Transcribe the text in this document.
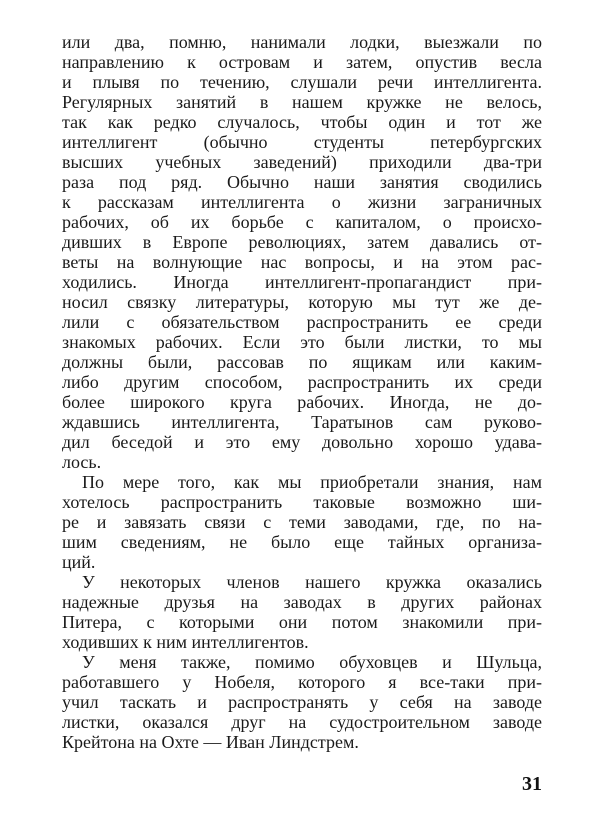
или два, помню, нанимали лодки, выезжали по
направлению к островам и затем, опустив весла
и плывя по течению, слушали речи интеллигента.
Регулярных занятий в нашем кружке не велось,
так как редко случалось, чтобы один и тот же
интеллигент (обычно студенты петербургских
высших учебных заведений) приходили два-три
раза под ряд. Обычно наши занятия сводились
к рассказам интеллигента о жизни заграничных
рабочих, об их борьбе с капиталом, о происхо-
дивших в Европе революциях, затем давались от-
веты на волнующие нас вопросы, и на этом рас-
ходились. Иногда интеллигент-пропагандист при-
носил связку литературы, которую мы тут же де-
лили с обязательством распространить ее среди
знакомых рабочих. Если это были листки, то мы
должны были, рассовав по ящикам или каким-
либо другим способом, распространить их среди
более широкого круга рабочих. Иногда, не до-
ждавшись интеллигента, Таратынов сам руково-
дил беседой и это ему довольно хорошо удава-
лось.
По мере того, как мы приобретали знания, нам
хотелось распространить таковые возможно ши-
ре и завязать связи с теми заводами, где, по на-
шим сведениям, не было еще тайных организа-
ций.
У некоторых членов нашего кружка оказались
надежные друзья на заводах в других районах
Питера, с которыми они потом знакомили при-
ходивших к ним интеллигентов.
У меня также, помимо обуховцев и Шульца,
работавшего у Нобеля, которого я все-таки при-
учил таскать и распространять у себя на заводе
листки, оказался друг на судостроительном заводе
Крейтона на Охте — Иван Линдстрем.
31
